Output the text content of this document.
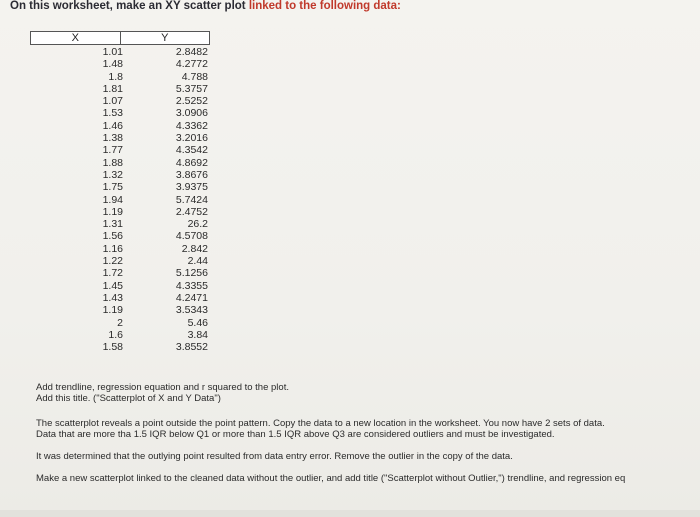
On this worksheet, make an XY scatter plot linked to the following data:
X	Y
1.01	2.8482
1.48	4.2772
1.8	4.788
1.81	5.3757
1.07	2.5252
1.53	3.0906
1.46	4.3362
1.38	3.2016
1.77	4.3542
1.88	4.8692
1.32	3.8676
1.75	3.9375
1.94	5.7424
1.19	2.4752
1.31	26.2
1.56	4.5708
1.16	2.842
1.22	2.44
1.72	5.1256
1.45	4.3355
1.43	4.2471
1.19	3.5343
2	5.46
1.6	3.84
1.58	3.8552
Add trendline, regression equation and r squared to the plot.
Add this title. ("Scatterplot of X and Y Data")
The scatterplot reveals a point outside the point pattern. Copy the data to a new location in the worksheet. You now have 2 sets of data.
Data that are more tha 1.5 IQR below Q1 or more than 1.5 IQR above Q3 are considered outliers and must be investigated.
It was determined that the outlying point resulted from data entry error. Remove the outlier in the copy of the data.
Make a new scatterplot linked to the cleaned data without the outlier, and add title ("Scatterplot without Outlier,") trendline, and regression eq
